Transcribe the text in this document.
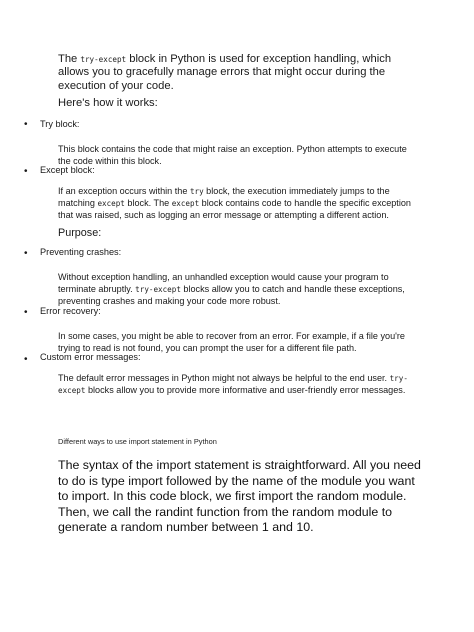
The try-except block in Python is used for exception handling, which allows you to gracefully manage errors that might occur during the execution of your code.

Here's how it works:

• Try block:

This block contains the code that might raise an exception. Python attempts to execute the code within this block.

• Except block:

If an exception occurs within the try block, the execution immediately jumps to the matching except block. The except block contains code to handle the specific exception that was raised, such as logging an error message or attempting a different action.

Purpose:
• Preventing crashes:

Without exception handling, an unhandled exception would cause your program to terminate abruptly. try-except blocks allow you to catch and handle these exceptions, preventing crashes and making your code more robust.

• Error recovery:

In some cases, you might be able to recover from an error. For example, if a file you're trying to read is not found, you can prompt the user for a different file path.

• Custom error messages:

The default error messages in Python might not always be helpful to the end user. try-except blocks allow you to provide more informative and user-friendly error messages.

Different ways to use import statement in Python

The syntax of the import statement is straightforward. All you need to do is type import followed by the name of the module you want to import. In this code block, we first import the random module. Then, we call the randint function from the random module to generate a random number between 1 and 10.
